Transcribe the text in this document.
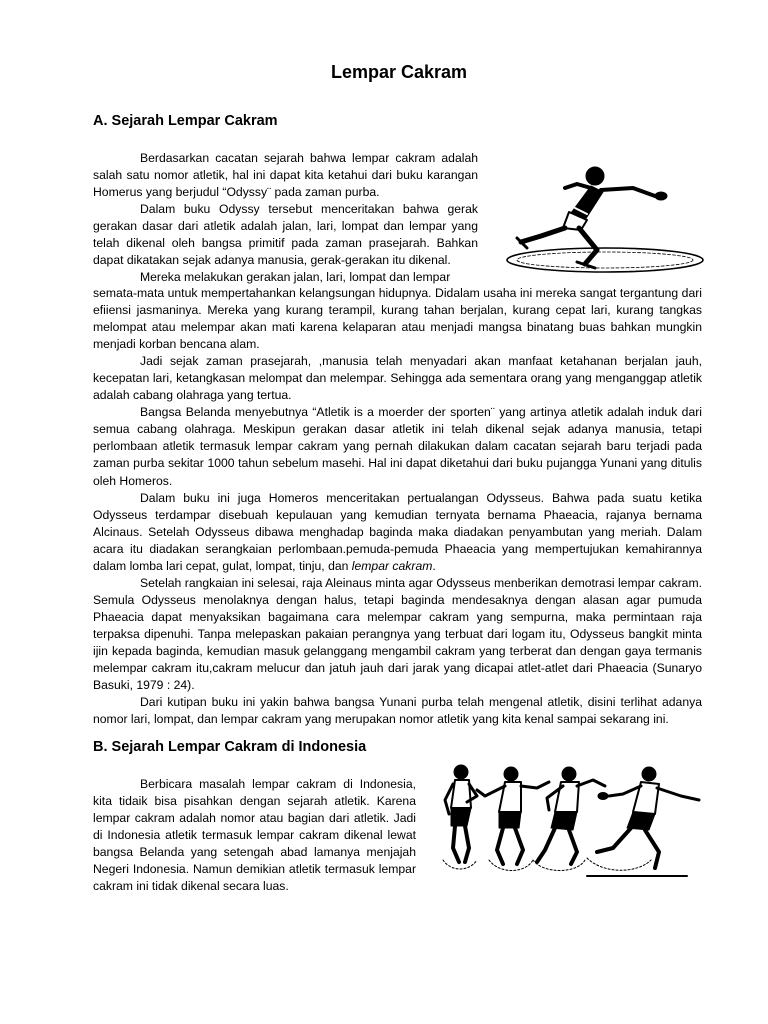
Lempar Cakram
A. Sejarah Lempar Cakram

Berdasarkan cacatan sejarah bahwa lempar cakram adalah salah satu nomor atletik, hal ini dapat kita ketahui dari buku karangan Homerus yang berjudul “Odyssy¨ pada zaman purba.

Dalam buku Odyssy tersebut menceritakan bahwa gerak gerakan dasar dari atletik adalah jalan, lari, lompat dan lempar yang telah dikenal oleh bangsa primitif pada zaman prasejarah. Bahkan dapat dikatakan sejak adanya manusia, gerak-gerakan itu dikenal.

Mereka melakukan gerakan jalan, lari, lompat dan lempar

semata-mata untuk mempertahankan kelangsungan hidupnya. Didalam usaha ini mereka sangat tergantung dari efiiensi jasmaninya. Mereka yang kurang terampil, kurang tahan berjalan, kurang cepat lari, kurang tangkas melompat atau melempar akan mati karena kelaparan atau menjadi mangsa binatang buas bahkan mungkin menjadi korban bencana alam.

Jadi sejak zaman prasejarah, ,manusia telah menyadari akan manfaat ketahanan berjalan jauh, kecepatan lari, ketangkasan melompat dan melempar. Sehingga ada sementara orang yang menganggap atletik adalah cabang olahraga yang tertua.

Bangsa Belanda menyebutnya “Atletik is a moerder der sporten¨ yang artinya atletik adalah induk dari semua cabang olahraga. Meskipun gerakan dasar atletik ini telah dikenal sejak adanya manusia, tetapi perlombaan atletik termasuk lempar cakram yang pernah dilakukan dalam cacatan sejarah baru terjadi pada zaman purba sekitar 1000 tahun sebelum masehi. Hal ini dapat diketahui dari buku pujangga Yunani yang ditulis oleh Homeros.

Dalam buku ini juga Homeros menceritakan pertualangan Odysseus. Bahwa pada suatu ketika Odysseus terdampar disebuah kepulauan yang kemudian ternyata bernama Phaeacia, rajanya bernama Alcinaus. Setelah Odysseus dibawa menghadap baginda maka diadakan penyambutan yang meriah. Dalam acara itu diadakan serangkaian perlombaan.pemuda-pemuda Phaeacia yang mempertujukan kemahirannya dalam lomba lari cepat, gulat, lompat, tinju, dan lempar cakram.

Setelah rangkaian ini selesai, raja Aleinaus minta agar Odysseus menberikan demotrasi lempar cakram. Semula Odysseus menolaknya dengan halus, tetapi baginda mendesaknya dengan alasan agar pumuda Phaeacia dapat menyaksikan bagaimana cara melempar cakram yang sempurna, maka permintaan raja terpaksa dipenuhi. Tanpa melepaskan pakaian perangnya yang terbuat dari logam itu, Odysseus bangkit minta ijin kepada baginda, kemudian masuk gelanggang mengambil cakram yang terberat dan dengan gaya termanis melempar cakram itu,cakram melucur dan jatuh jauh dari jarak yang dicapai atlet-atlet dari Phaeacia (Sunaryo Basuki, 1979 : 24).

Dari kutipan buku ini yakin bahwa bangsa Yunani purba telah mengenal atletik, disini terlihat adanya nomor lari, lompat, dan lempar cakram yang merupakan nomor atletik yang kita kenal sampai sekarang ini.

B. Sejarah Lempar Cakram di Indonesia

Berbicara masalah lempar cakram di Indonesia, kita tidaik bisa pisahkan dengan sejarah atletik. Karena lempar cakram adalah nomor atau bagian dari atletik. Jadi di Indonesia atletik termasuk lempar cakram dikenal lewat bangsa Belanda yang setengah abad lamanya menjajah Negeri Indonesia. Namun demikian atletik termasuk lempar cakram ini tidak dikenal secara luas.
